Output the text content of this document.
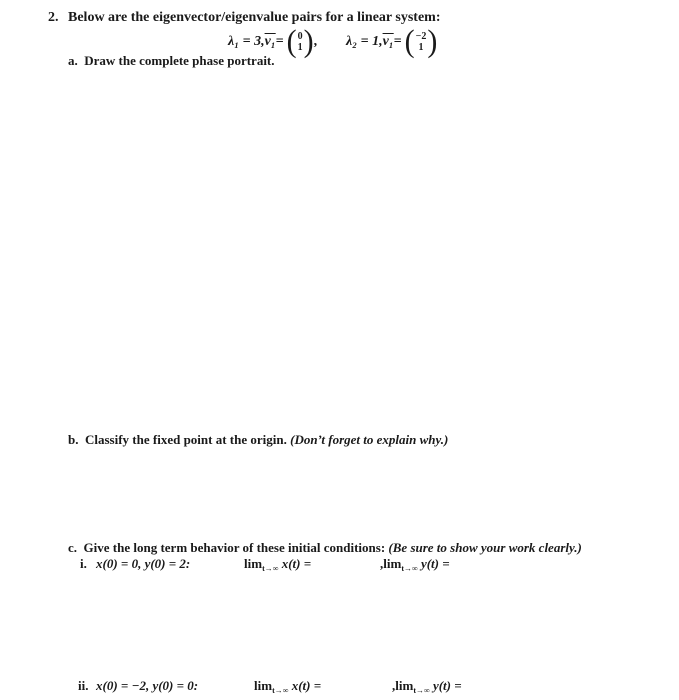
2. Below are the eigenvector/eigenvalue pairs for a linear system:
λ₁ = 3, v₁ = ( 0
1 ) , λ₂ = 1, v₁ = ( −2
1 )
a. Draw the complete phase portrait.
b. Classify the fixed point at the origin. (Don’t forget to explain why.)
c. Give the long term behavior of these initial conditions: (Be sure to show your work clearly.)
i. x(0) = 0, y(0) = 2:	$\lim_{t\to\infty} x(t)$ =	$,\lim_{t\to\infty}$ y(t) =
ii. x(0) = −2, y(0) = 0:	$\lim_{t\to\infty} x(t)$ =	$,\lim_{t\to\infty}$ y(t) =
